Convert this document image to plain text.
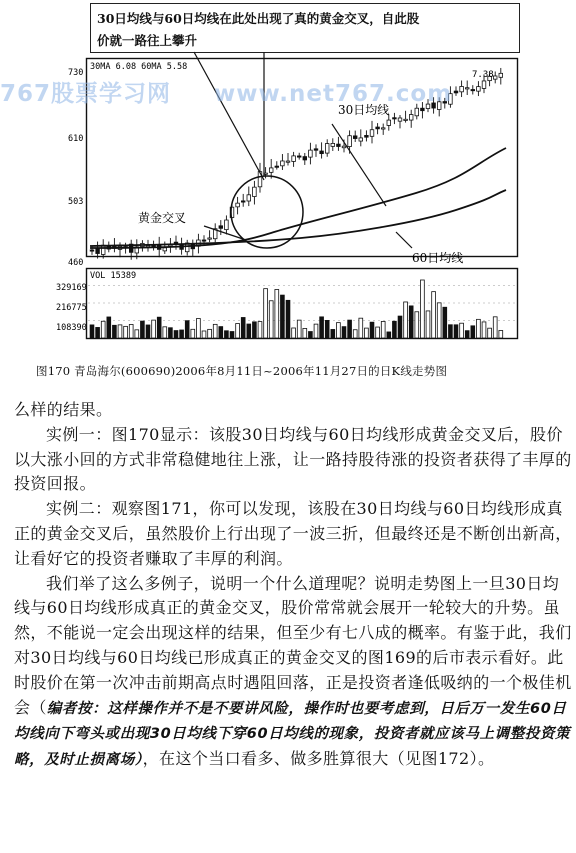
30日均线与60日均线在此处出现了真的黄金交叉，自此股
价就一路往上攀升
30MA 6.08 60MA 5.58
730
610
503
460
7.38
30日均线
60日均线
黄金交叉
VOL 15389
329169
216775
108390
767股票学习网 www.net767.com
图170 青岛海尔(600690)2006年8月11日~2006年11月27日的日K线走势图

么样的结果。

实例一：图170显示：该股30日均线与60日均线形成黄金交叉后，股价以大涨小回的方式非常稳健地往上涨，让一路持股待涨的投资者获得了丰厚的投资回报。

实例二：观察图171，你可以发现，该股在30日均线与60日均线形成真正的黄金交叉后，虽然股价上行出现了一波三折，但最终还是不断创出新高，让看好它的投资者赚取了丰厚的利润。

我们举了这么多例子，说明一个什么道理呢？说明走势图上一旦30日均线与60日均线形成真正的黄金交叉，股价常常就会展开一轮较大的升势。虽然，不能说一定会出现这样的结果，但至少有七八成的概率。有鉴于此，我们对30日均线与60日均线已形成真正的黄金交叉的图169的后市表示看好。此时股价在第一次冲击前期高点时遇阻回落，正是投资者逢低吸纳的一个极佳机会（编者按：这样操作并不是不要讲风险，操作时也要考虑到，日后万一发生60日均线向下弯头或出现30日均线下穿60日均线的现象，投资者就应该马上调整投资策略，及时止损离场），在这个当口看多、做多胜算很大（见图172）。
